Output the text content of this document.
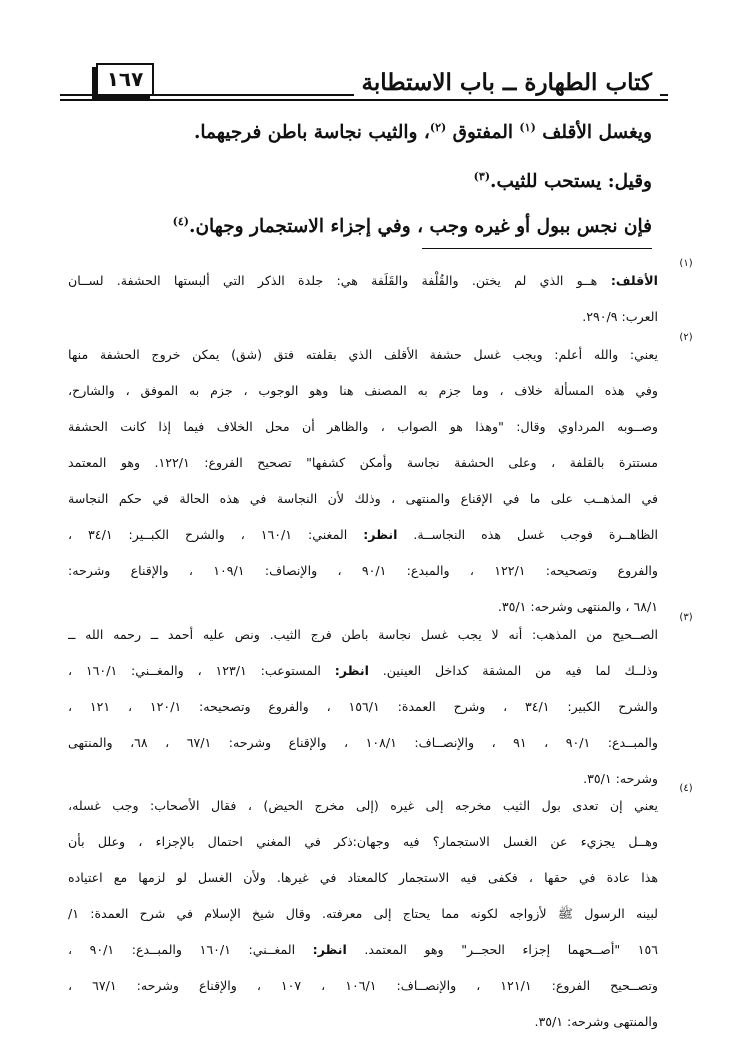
كتاب الطهارة ــ باب الاستطابة
١٦٧

ويغسل الأقلف $^{(١)}$ المفتوق $^{(٢)}$، والثيب نجاسة باطن فرجيهما.

وقيل: يستحب للثيب.$^{(٣)}$

فإن نجس ببول أو غيره وجب ، وفي إجزاء الاستجمار وجهان.$^{(٤)}$

(١)

الأقلف: هــو الذي لم يختن. والقُلْفة والقَلَفة هي: جلدة الذكر التي ألبستها الحشفة. لســان

العرب: ٢٩٠/٩.

(٢)

يعني: والله أعلم: ويجب غسل حشفة الأقلف الذي بقلفته فتق (شق) يمكن خروج الحشفة منها

وفي هذه المسألة خلاف ، وما جزم به المصنف هنا وهو الوجوب ، جزم به الموفق ، والشارح،

وصــوبه المرداوي وقال: "وهذا هو الصواب ، والظاهر أن محل الخلاف فيما إذا كانت الحشفة

مستترة بالقلفة ، وعلى الحشفة نجاسة وأمكن كشفها" تصحيح الفروع: ١٢٢/١. وهو المعتمد

في المذهــب على ما في الإقناع والمنتهى ، وذلك لأن النجاسة في هذه الحالة في حكم النجاسة

الظاهــرة فوجب غسل هذه النجاســة. انظر: المغني: ١٦٠/١ ، والشرح الكبــير: ٣٤/١ ،

والفروع وتصحيحه: ١٢٢/١ ، والمبدع: ٩٠/١ ، والإنصاف: ١٠٩/١ ، والإقناع وشرحه:

٦٨/١ ، والمنتهى وشرحه: ٣٥/١.

(٣)

الصــحيح من المذهب: أنه لا يجب غسل نجاسة باطن فرج الثيب. ونص عليه أحمد ــ رحمه الله ــ

وذلــك لما فيه من المشقة كداخل العينين. انظر: المستوعب: ١٢٣/١ ، والمغــني: ١٦٠/١ ،

والشرح الكبير: ٣٤/١ ، وشرح العمدة: ١٥٦/١ ، والفروع وتصحيحه: ١٢٠/١ ، ١٢١ ،

والمبــدع: ٩٠/١ ، ٩١ ، والإنصــاف: ١٠٨/١ ، والإقناع وشرحه: ٦٧/١ ، ٦٨، والمنتهى

وشرحه: ٣٥/١.

(٤)

يعني إن تعدى بول الثيب مخرجه إلى غيره (إلى مخرج الحيض) ، فقال الأصحاب: وجب غسله،

وهــل يجزيء عن الغسل الاستجمار؟ فيه وجهان:ذكر في المغني احتمال بالإجزاء ، وعلل بأن

هذا عادة في حقها ، فكفى فيه الاستجمار كالمعتاد في غيرها. ولأن الغسل لو لزمها مع اعتياده

لبينه الرسول ﷺ لأزواجه لكونه مما يحتاج إلى معرفته. وقال شيخ الإسلام في شرح العمدة: ١/

١٥٦ "أصــحهما إجزاء الحجــر" وهو المعتمد. انظر: المغــني: ١٦٠/١ والمبــدع: ٩٠/١ ،

وتصــحيح الفروع: ١٢١/١ ، والإنصــاف: ١٠٦/١ ، ١٠٧ ، والإقناع وشرحه: ٦٧/١ ،

والمنتهى وشرحه: ٣٥/١.
